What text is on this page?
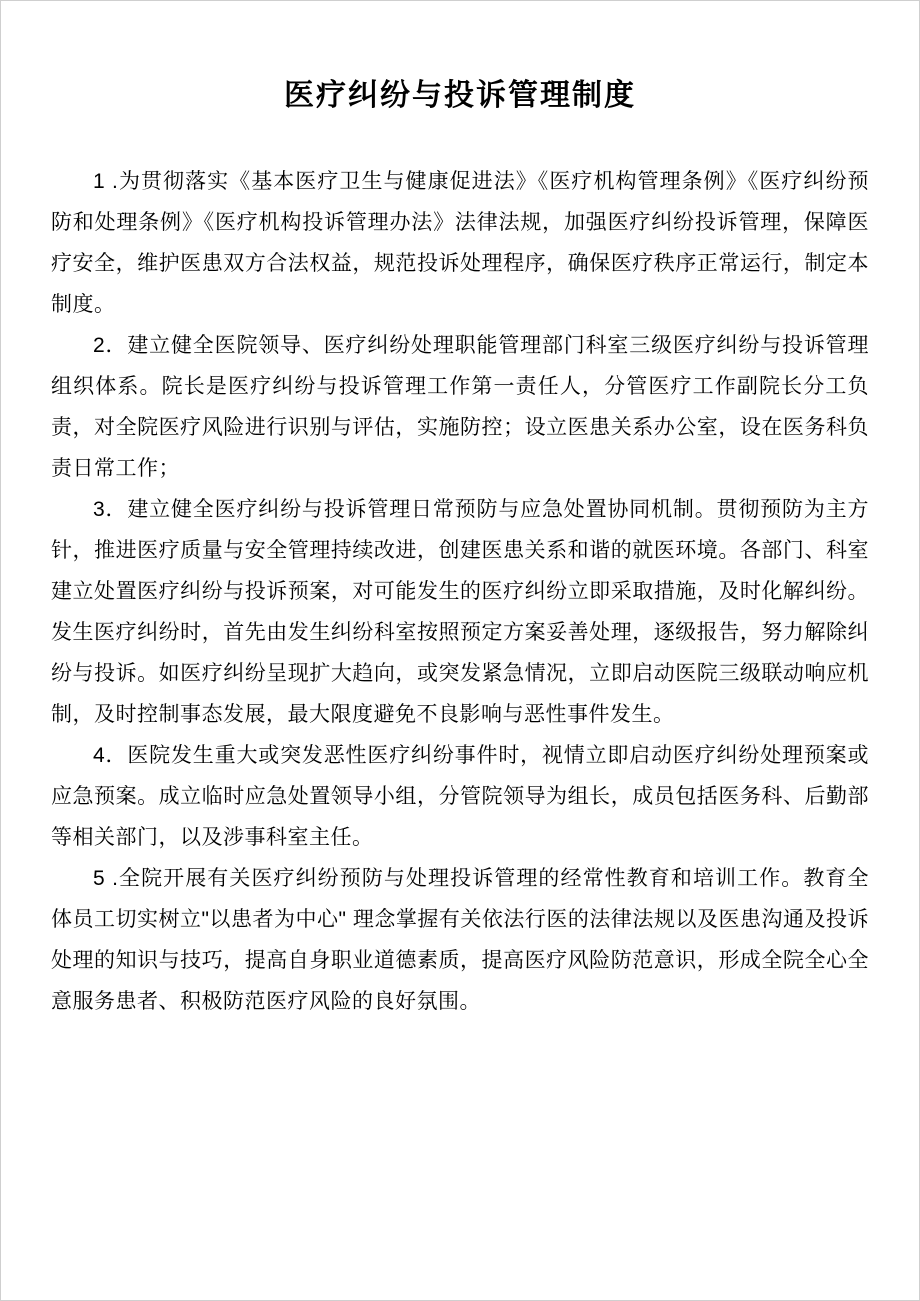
医疗纠纷与投诉管理制度

1 .为贯彻落实《基本医疗卫生与健康促进法》《医疗机构管理条例》《医疗纠纷预防和处理条例》《医疗机构投诉管理办法》法律法规，加强医疗纠纷投诉管理，保障医疗安全，维护医患双方合法权益，规范投诉处理程序，确保医疗秩序正常运行，制定本制度。

2．建立健全医院领导、医疗纠纷处理职能管理部门科室三级医疗纠纷与投诉管理组织体系。院长是医疗纠纷与投诉管理工作第一责任人，分管医疗工作副院长分工负责，对全院医疗风险进行识别与评估，实施防控；设立医患关系办公室，设在医务科负责日常工作；

3．建立健全医疗纠纷与投诉管理日常预防与应急处置协同机制。贯彻预防为主方针，推进医疗质量与安全管理持续改进，创建医患关系和谐的就医环境。各部门、科室建立处置医疗纠纷与投诉预案，对可能发生的医疗纠纷立即采取措施，及时化解纠纷。发生医疗纠纷时，首先由发生纠纷科室按照预定方案妥善处理，逐级报告，努力解除纠纷与投诉。如医疗纠纷呈现扩大趋向，或突发紧急情况，立即启动医院三级联动响应机制，及时控制事态发展，最大限度避免不良影响与恶性事件发生。

4．医院发生重大或突发恶性医疗纠纷事件时，视情立即启动医疗纠纷处理预案或应急预案。成立临时应急处置领导小组，分管院领导为组长，成员包括医务科、后勤部等相关部门，以及涉事科室主任。

5 .全院开展有关医疗纠纷预防与处理投诉管理的经常性教育和培训工作。教育全体员工切实树立"以患者为中心" 理念掌握有关依法行医的法律法规以及医患沟通及投诉处理的知识与技巧，提高自身职业道德素质，提高医疗风险防范意识，形成全院全心全意服务患者、积极防范医疗风险的良好氛围。
